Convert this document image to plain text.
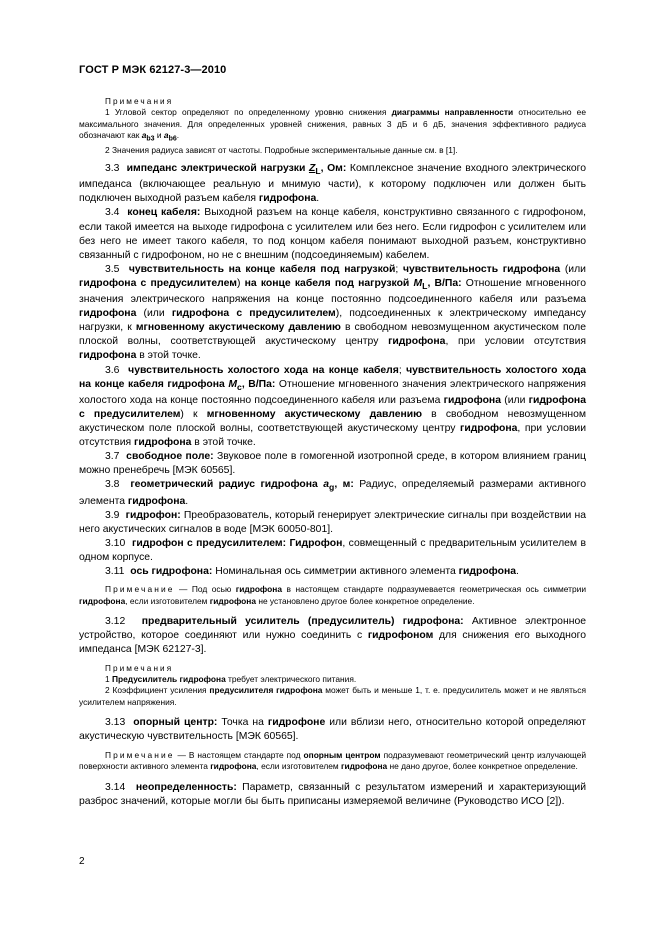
ГОСТ Р МЭК 62127-3—2010
Примечания

1 Угловой сектор определяют по определенному уровню снижения диаграммы направленности относительно ее максимального значения. Для определенных уровней снижения, равных 3 дБ и 6 дБ, значения эффективного радиуса обозначают как $a_{b3}$ и $a_{b6}$.

2 Значения радиуса зависят от частоты. Подробные экспериментальные данные см. в [1].

3.3 импеданс электрической нагрузки $Z_L$, Ом: Комплексное значение входного электрического импеданса (включающее реальную и мнимую части), к которому подключен или должен быть подключен выходной разъем кабеля гидрофона.

3.4 конец кабеля: Выходной разъем на конце кабеля, конструктивно связанного с гидрофоном, если такой имеется на выходе гидрофона с усилителем или без него. Если гидрофон с усилителем или без него не имеет такого кабеля, то под концом кабеля понимают выходной разъем, конструктивно связанный с гидрофоном, но не с внешним (подсоединяемым) кабелем.

3.5 чувствительность на конце кабеля под нагрузкой; чувствительность гидрофона (или гидрофона с предусилителем) на конце кабеля под нагрузкой $M_L$, В/Па: Отношение мгновенного значения электрического напряжения на конце постоянно подсоединенного кабеля или разъема гидрофона (или гидрофона с предусилителем), подсоединенных к электрическому импедансу нагрузки, к мгновенному акустическому давлению в свободном невозмущенном акустическом поле плоской волны, соответствующей акустическому центру гидрофона, при условии отсутствия гидрофона в этой точке.

3.6 чувствительность холостого хода на конце кабеля; чувствительность холостого хода на конце кабеля гидрофона $M_c$, В/Па: Отношение мгновенного значения электрического напряжения холостого хода на конце постоянно подсоединенного кабеля или разъема гидрофона (или гидрофона с предусилителем) к мгновенному акустическому давлению в свободном невозмущенном акустическом поле плоской волны, соответствующей акустическому центру гидрофона, при условии отсутствия гидрофона в этой точке.

3.7 свободное поле: Звуковое поле в гомогенной изотропной среде, в котором влиянием границ можно пренебречь [МЭК 60565].

3.8 геометрический радиус гидрофона $a_g$, м: Радиус, определяемый размерами активного элемента гидрофона.

3.9 гидрофон: Преобразователь, который генерирует электрические сигналы при воздействии на него акустических сигналов в воде [МЭК 60050-801].

3.10 гидрофон с предусилителем: Гидрофон, совмещенный с предварительным усилителем в одном корпусе.

3.11 ось гидрофона: Номинальная ось симметрии активного элемента гидрофона.

Примечание — Под осью гидрофона в настоящем стандарте подразумевается геометрическая ось симметрии гидрофона, если изготовителем гидрофона не установлено другое более конкретное определение.

3.12 предварительный усилитель (предусилитель) гидрофона: Активное электронное устройство, которое соединяют или нужно соединить с гидрофоном для снижения его выходного импеданса [МЭК 62127-3].

Примечания

1 Предусилитель гидрофона требует электрического питания.

2 Коэффициент усиления предусилителя гидрофона может быть и меньше 1, т. е. предусилитель может и не являться усилителем напряжения.

3.13 опорный центр: Точка на гидрофоне или вблизи него, относительно которой определяют акустическую чувствительность [МЭК 60565].

Примечание — В настоящем стандарте под опорным центром подразумевают геометрический центр излучающей поверхности активного элемента гидрофона, если изготовителем гидрофона не дано другое, более конкретное определение.

3.14 неопределенность: Параметр, связанный с результатом измерений и характеризующий разброс значений, которые могли бы быть приписаны измеряемой величине (Руководство ИСО [2]).

2
